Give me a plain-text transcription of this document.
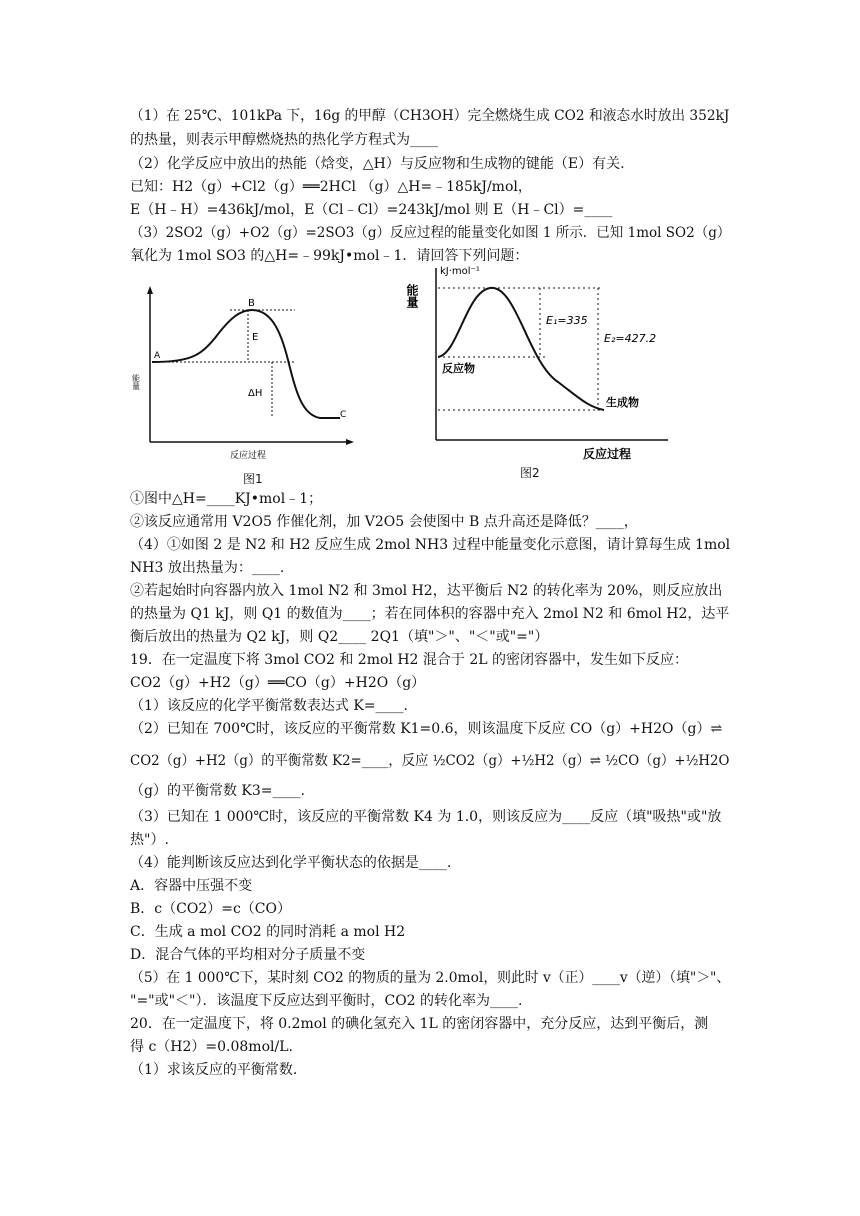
（1）在 25℃、101kPa 下，16g 的甲醇（CH3OH）完全燃烧生成 CO2 和液态水时放出 352kJ
的热量，则表示甲醇燃烧热的热化学方程式为____
（2）化学反应中放出的热能（焓变，△H）与反应物和生成物的键能（E）有关.
已知：H2（g）+Cl2（g）══2HCl （g）△H=﹣185kJ/mol，
E（H﹣H）=436kJ/mol，E（Cl﹣Cl）=243kJ/mol 则 E（H﹣Cl）=____
（3）2SO2（g）+O2（g）=2SO3（g）反应过程的能量变化如图 1 所示．已知 1mol SO2（g）
氧化为 1mol SO3 的△H=﹣99kJ•mol﹣1．请回答下列问题：
能量
A
B
C
E
ΔH
反应过程
图1
能量
kJ·mol⁻¹
E₁=335
E₂=427.2
反应物
生成物
反应过程
图2
①图中△H=____KJ•mol﹣1；
②该反应通常用 V2O5 作催化剂，加 V2O5 会使图中 B 点升高还是降低？____，
（4）①如图 2 是 N2 和 H2 反应生成 2mol NH3 过程中能量变化示意图，请计算每生成 1mol
NH3 放出热量为：____.
②若起始时向容器内放入 1mol N2 和 3mol H2，达平衡后 N2 的转化率为 20%，则反应放出
的热量为 Q1 kJ，则 Q1 的数值为____；若在同体积的容器中充入 2mol N2 和 6mol H2，达平
衡后放出的热量为 Q2 kJ，则 Q2____ 2Q1（填"＞"、"＜"或"="）
19．在一定温度下将 3mol CO2 和 2mol H2 混合于 2L 的密闭容器中，发生如下反应：
CO2（g）+H2（g）══CO（g）+H2O（g）
（1）该反应的化学平衡常数表达式 K=____.
（2）已知在 700℃时，该反应的平衡常数 K1=0.6，则该温度下反应 CO（g）+H2O（g）⇌
CO2（g）+H2（g）的平衡常数 K2=____，反应 ½CO2（g）+½H2（g）⇌ ½CO（g）+½H2O
（g）的平衡常数 K3=____.
（3）已知在 1 000℃时，该反应的平衡常数 K4 为 1.0，则该反应为____反应（填"吸热"或"放
热"）.
（4）能判断该反应达到化学平衡状态的依据是____.
A．容器中压强不变
B．c（CO2）=c（CO）
C．生成 a mol CO2 的同时消耗 a mol H2
D．混合气体的平均相对分子质量不变
（5）在 1 000℃下，某时刻 CO2 的物质的量为 2.0mol，则此时 v（正）____v（逆）（填"＞"、
"="或"＜"）．该温度下反应达到平衡时，CO2 的转化率为____.
20．在一定温度下，将 0.2mol 的碘化氢充入 1L 的密闭容器中，充分反应，达到平衡后，测
得 c（H2）=0.08mol/L.
（1）求该反应的平衡常数.
